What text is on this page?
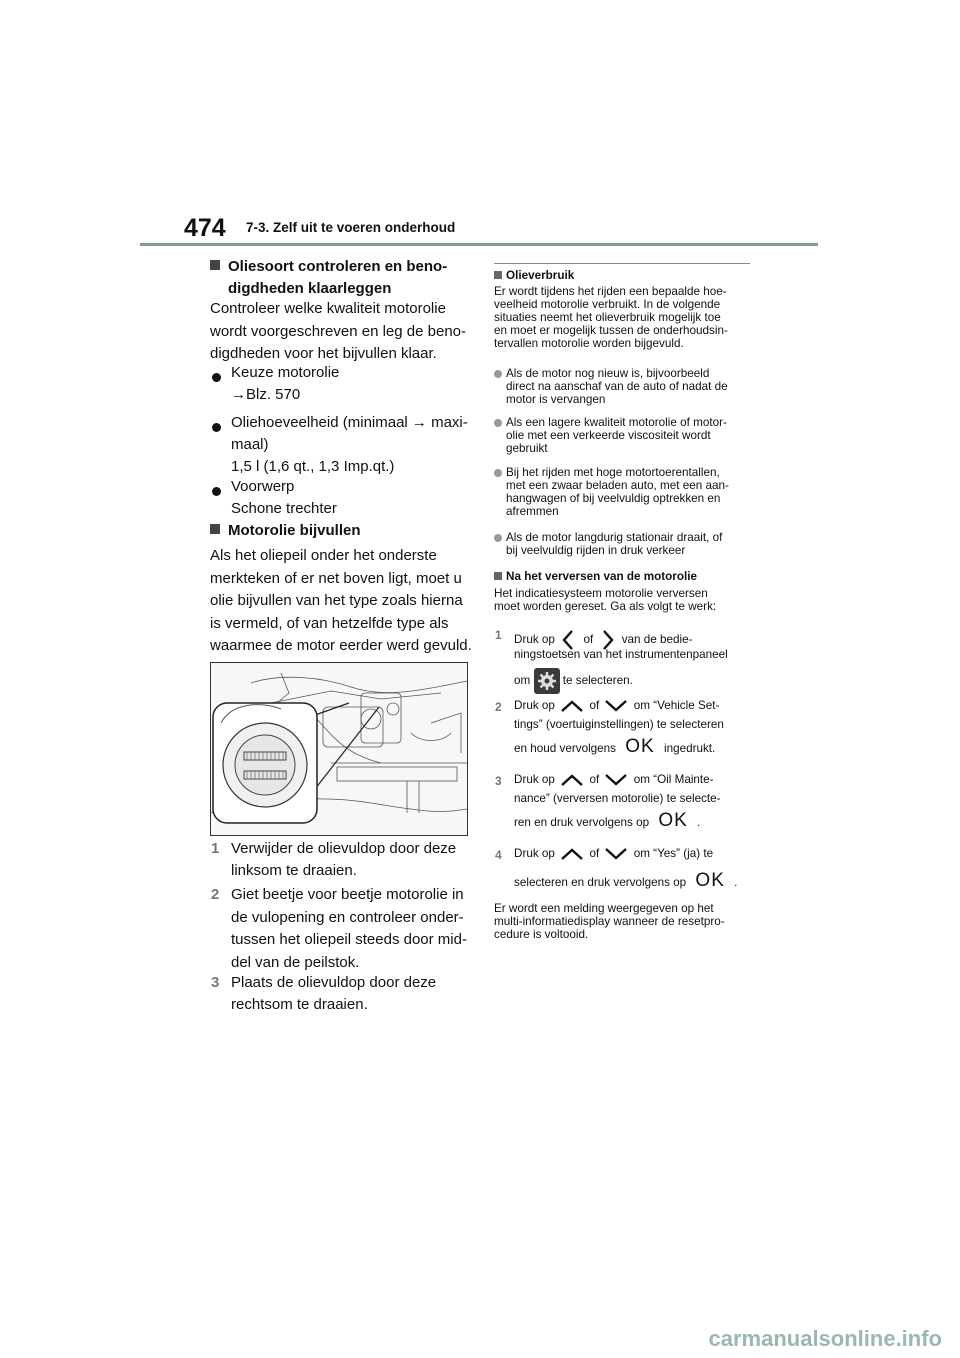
474 7-3. Zelf uit te voeren onderhoud
Oliesoort controleren en beno-
digdheden klaarleggen
Controleer welke kwaliteit motorolie
wordt voorgeschreven en leg de beno-
digdheden voor het bijvullen klaar.
Keuze motorolie
→Blz. 570
Oliehoeveelheid (minimaal → maxi-
maal)
1,5 l (1,6 qt., 1,3 Imp.qt.)
Voorwerp
Schone trechter
Motorolie bijvullen
Als het oliepeil onder het onderste
merkteken of er net boven ligt, moet u
olie bijvullen van het type zoals hierna
is vermeld, of van hetzelfde type als
waarmee de motor eerder werd gevuld.
1 Verwijder de olievuldop door deze
linksom te draaien.
2 Giet beetje voor beetje motorolie in
de vulopening en controleer onder-
tussen het oliepeil steeds door mid-
del van de peilstok.
3 Plaats de olievuldop door deze
rechtsom te draaien.
Olieverbruik
Er wordt tijdens het rijden een bepaalde hoe-
veelheid motorolie verbruikt. In de volgende
situaties neemt het olieverbruik mogelijk toe
en moet er mogelijk tussen de onderhoudsin-
tervallen motorolie worden bijgevuld.
Als de motor nog nieuw is, bijvoorbeeld
direct na aanschaf van de auto of nadat de
motor is vervangen
Als een lagere kwaliteit motorolie of motor-
olie met een verkeerde viscositeit wordt
gebruikt
Bij het rijden met hoge motortoerentallen,
met een zwaar beladen auto, met een aan-
hangwagen of bij veelvuldig optrekken en
afremmen
Als de motor langdurig stationair draait, of
bij veelvuldig rijden in druk verkeer
Na het verversen van de motorolie
Het indicatiesysteem motorolie verversen
moet worden gereset. Ga als volgt te werk:
1 Druk op of van de bedie-
ningstoetsen van het instrumentenpaneel
om	te selecteren.
2 Druk op	of	om “Vehicle Set-
tings” (voertuiginstellingen) te selecteren
en houd vervolgens OK ingedrukt.
3 Druk op	of	om “Oil Mainte-
nance” (verversen motorolie) te selecte-
ren en druk vervolgens op OK .
4 Druk op	of	om “Yes” (ja) te
selecteren en druk vervolgens op OK .
Er wordt een melding weergegeven op het
multi-informatiedisplay wanneer de resetpro-
cedure is voltooid.
carmanualsonline.info
